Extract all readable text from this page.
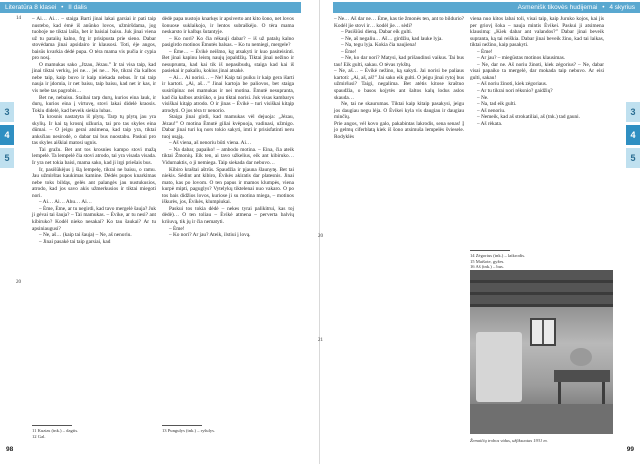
Literatūra 8 klasei • II dalis
3
4
5
14
20

– Ai… Ai… – staiga Barti jinai lakai garsiai ir pati taip nustebo, kad ėmė iš anūnko lovos, užmiršdama, jog tuoboje ne tiktai laiša, bet ir baisiai baisu. Juk jinai viena už tu pataiių kalno, frg ir prisipusta prie sieno. Dabar stovėdama jinai apsidairo ir klausosi. Toti, ėje angos, baisūs kvarkia dėdė pupa. O tėra mama vis pučia ir cypia pro nosį.

O mamukas sako „Jtzau, Jėzau.” Ir tai visa taip, kad jinai tiktai verkių, jei ne… jei ne… Ne, tikrai čia kalbos nebe taip, kaip buvo ir kaip niekada nebus. Ir tai taip nauja ir įdomia, ir net baisu, taip baisu, kad net ir kas, ir vis nebe tas pagrobis…

Bet ne, nebaisu. Staibai tarp durų, kurios eina lauk, ir durų, kurios eina į virtuvę, stovi lakai didelė kraosis. Tokiu didelė, kad beveik siekia lubas.

Ta krosnis nastatyta iš plytų. Tarp tų plytų jau yra skylių. Ir kai tą krosnį užkuria, tai pro tas skyles eina dūmai. – O jeigu gerai atsimena, kad taip yra, tiktai anksčiau nesirodė, o dabar tai bus nuostabu. Paskui pro tas skyles aiškiai matosi ugnis.

Tai gražu. Bet ant tos krosnies kampo stovi mažą lempelė. Ta lempelė čia stovi atrodo, tai yra visada visada. Ir yra net tokia baisi, mama sako, kad ji irgi priešais bus.

Ir, pasišūkėjus į šią lempelę, tikrai ne baisu, o ramu. Jau užmirštas kaukimas kamine. Dėdės pupos knarkimas nebe toks bildąs, gelės ant palangės jau nustukusios, atrodo, kad jos savo akis užmerkusios ir tiktai miegoti nori.

– Ai… Ai… Ahu… Ai…

– Ėme, Ėme, ar tu negirdi, kad tavo mergelė šauja? Juk ji gėvai tai šauja? – Tai mamukas. – Ėvike, ar tu nesi? ant kibiruko? Kodėl nieko nesakai? Ko tau šaukai? Ar tu apsiniaugusi?

– Ne, aš… (kaip tai šauja) – Ne, aš nenoriu.

– Jinai pasakė tai taip garsiai, kad

dėdė papa nustojo knarkęs ir apsiverto ant kito šono, net lovos šonuose suklaikojo, ir lentos subraškėjo. O tėra mama neskarsto ir kalbąs šutantyje.

– Ko nori? Ko čia rėkauji dabar? – iš už patalų kalno pasigirdo motinos Ėmutės balsas. – Ko tu nemiegi, mergele?

– Ėme… – Ėvikė neišmo, kg atsakyti ir kuo pasiteisinti. Bet jinai kapinu leistų naujų jopaldžių. Tiktai jinai nežino ir nesuprunta, kad kai tik iš nepasibudų, staiga kad kai iš pasiekai ir pakaliu, kokius jinai atsakė.

– Ai… Ai norisi… – Ne! Kaip tai puiku ir kaip gera išarti ir kartoti. „Ai, aš…” Jinai kartoja be paliovos, bet staiga susirūpina: nei mamukas ir nei motina. Ėmutė nesupranta, kad čia kalbos atsirūko, o jau tiktai norisi. Juk visas kambarys visiškai kitąip atrodo. O ir jinas – Ėvikė – turi visiškai kitąip atrodyti. O jos tėra tr nenorio.

Staiga jinai girdi, kad mamukas vėl dejuoja: „Jėzau, Jėzau!” O motina Ėmutė giliai kvėpuoja, vadinasi, užmigo. Dabar jinai turi kų nors tokio sakyti, imti ir prisisfatinti neru tuoj usąją.

– Aš viena, aš nenoriu būti viena. Ai…

– Na dabar, papaiko! – ambodo motina. – Eina, čia ateik tiktai Žmonių. Eik ten, ai tavo užkelius, eik ant kibiruko… Vidurnaktis, o ji nemiega. Taip siekada dar nebuvo…

Kibiro kraštai aštrūs. Spaudžia ir pjauna šlaunytę. Bet tai niekis. Sėdint ant kibiro, Ėvikės akiratis dar platesnis. Jinai mato, kas po lovom. O ten papus ir mamos klumpės, viena kurpė mipti, paguglys? Vytelykų tiktelenai nuo vakaro. O po tos bais didžios lovos, kuriose ji su motina miega, – motinos iškurės, jos, Ėvikės, klumpiukai.

Paskui tos tokia dėdė – nekes tyrai palikitrui, kas toj dėdė)… O ten toliau – Ėvikė atmena – perverta balvių kriiuvą, tik jų ir čia nematyti.

– Ėme!

– Ko nori? Ar jau? Ateik, ilstiui į lovą.

11 Kuzias (tnk.) – dagtis.
12 Gal.
13 Pungulys (tnk.) – ryšulys.
98
Asmenišk tikovės hudijemai • 4 skyrius
3
4
5

– Ne… Aš dar ne… Ėme, kas tie žmonės ten, ant to bildurio? Kodėl jie stovi ir… kodėl jie… sėdi?

– Pasišiūsi dieną. Dabar eik gulti.

– Ne, aš negaliu… Aš… girdžiu, kad lauke lyja.

– Na, tegu lyja. Kokia čia naujiena!

– Ėme!

– Ne, ko dar nori? Matysi, kad prišaudinsi vaikus. Tai bus tau! Eik gulti, sakau. O tėvas rykštų.

20

– Ne, aš… – Ėvikė nežino, ką sakyti. Jai norisi be paliaus kartoti: „Ai, aš, aš!” Jai sako eik gulti. O jeigu jinai rytoj bus užmiršusi? Taigi, negalima. Bet atėtis kitose kraštuo spaudžia, o basos kojytės ant šaltos kalų lodus aslos skauda…

Ne, tai ne skaurumas. Tiktai kaip kitaip pasakysi, jeigu jos daugiau negu lėja. O Ėvikei kyla vis daugiau ir daugiau minčių.

21

Prie angos, vėl kovo galo, pakabintas lakrodis, sena senas! Į jo gelmų ciferblatą kiek iš šono atsimuša lempelės šviesele. Rodyklės

viena nuo kitos labai toli, visai taip, kaip Juruko kojos, kai jis per griovį šoka – nauja mintis Ėvikei. Paskui ji atsimena klausimą: „Kiek dabar ant valandos?” Dabar jinai beveik supranta, ką tai reiškia. Dabar jinai beveik žino, kad tai laikas, tiktai nežino, kaip pasakyti.

– Ėme!

– Ar jau? – miegūstas motinos klausimas.

– Ne, dar ne. Aš noriu žinoti, kiek zėgorius? – Ne, dabar visai papaiko ta mergelė, dar mokada taip nebuvo. Ar eisi gulti, sakau!

– Aš noriu žinoti, kiek zėgoriaus.

– Ar tu tikrai nori rėksnio? gaidžių?

– Ne.

– Na, tad eik gulti.

– Aš nenoriu.

– Nemeik, kad aš strokatiliai, aš (tnk.) tad gauni.

– Aš rėkata.

14 Zėgorius (tnk.) – laikrodis.
15 Maišote, gyžes.
16 Aš (tnk.) – bus.
Žemaičių trobos vidus, užfiksuotas 1931 m.
99
